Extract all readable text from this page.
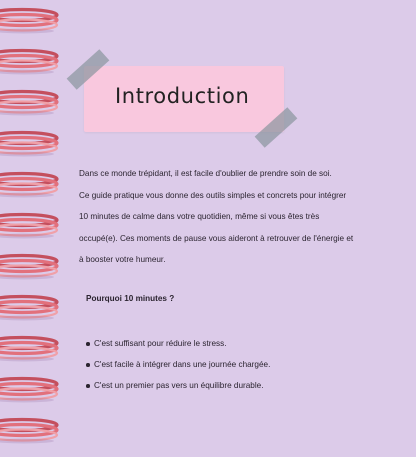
Introduction

Dans ce monde trépidant, il est facile d'oublier de prendre soin de soi.

Ce guide pratique vous donne des outils simples et concrets pour intégrer

10 minutes de calme dans votre quotidien, même si vous êtes très

occupé(e). Ces moments de pause vous aideront à retrouver de l'énergie et

à booster votre humeur.

Pourquoi 10 minutes ?
C'est suffisant pour réduire le stress.
C'est facile à intégrer dans une journée chargée.
C'est un premier pas vers un équilibre durable.
